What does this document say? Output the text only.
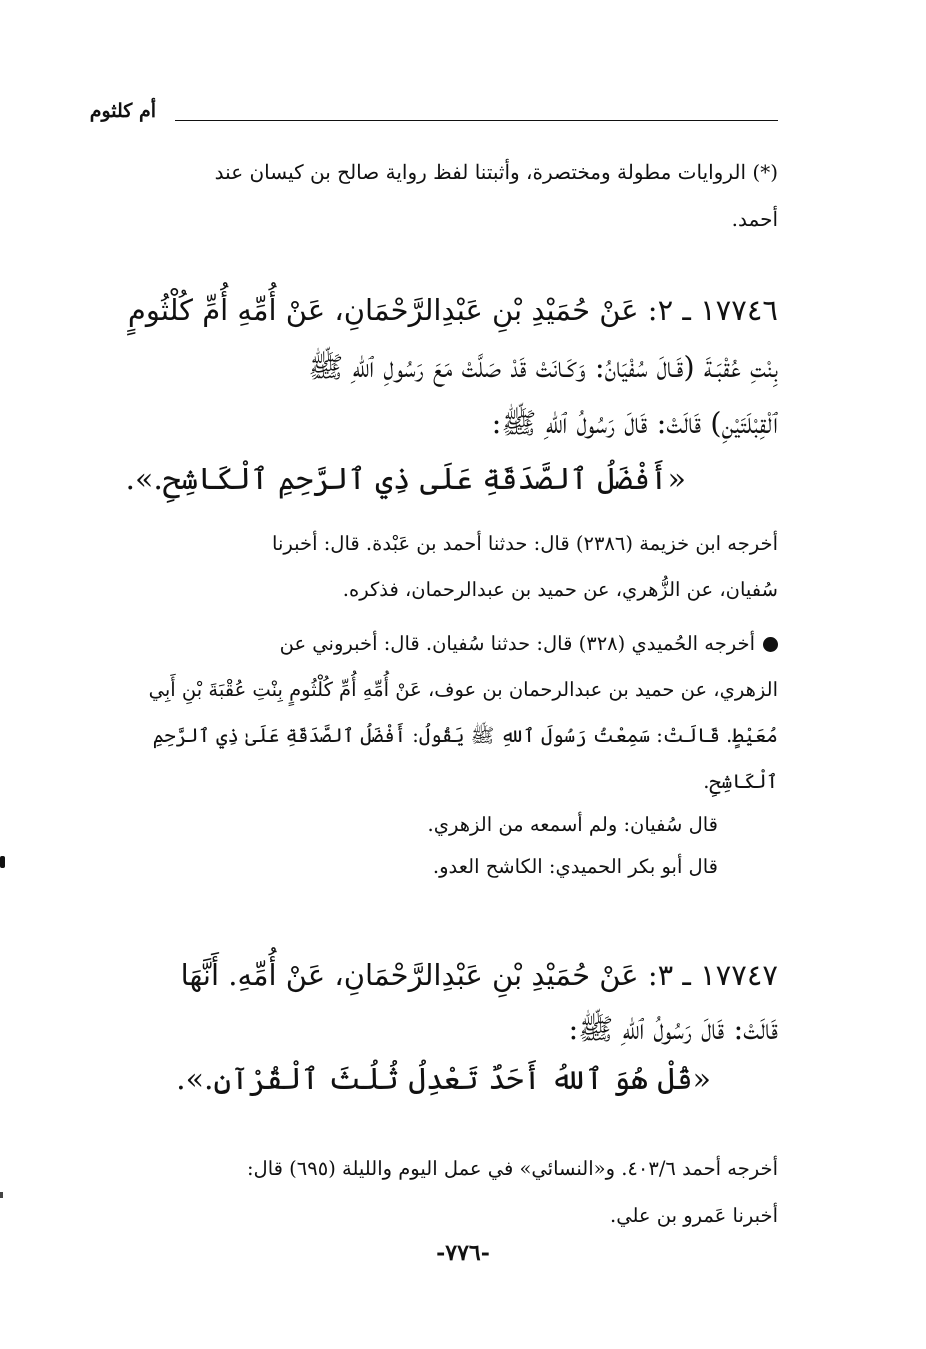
أم كلثوم
(*) الروايات مطولة ومختصرة، وأثبتنا لفظ رواية صالح بن كيسان عند
أحمد.
١٧٧٤٦ ـ ٢: عَنْ حُمَيْدِ بْنِ عَبْدِالرَّحْمَانِ، عَنْ أُمِّهِ أُمِّ كُلْثُومٍ
بِنْتِ عُقْبَـةَ (قَـالَ سُفْيَانُ: وَكَـانَتْ قَدْ صَلَّتْ مَعَ رَسُولِ ٱللهِ ﷺ
ٱلْقِبْلَتَيْنِ) قَالَتْ: قَالَ رَسُولُ ٱللهِ ﷺ:
«أَفْضَلُ ٱلصَّدَقَةِ عَلَى ذِي ٱلرَّحِمِ ٱلْكَاشِحِ.».
أخرجه ابن خزيمة (٢٣٨٦) قال: حدثنا أحمد بن عَبْدة. قال: أخبرنا
سُفيان، عن الزُّهري، عن حميد بن عبدالرحمان، فذكره.
أخرجه الحُميدي (٣٢٨) قال: حدثنا سُفيان. قال: أخبروني عن
الزهري، عن حميد بن عبدالرحمان بن عوف، عَنْ أُمِّهِ أُمِّ كُلْثُومٍ بِنْتِ عُقْبَةَ بْنِ أَبِي
مُعَيْطٍ. قَالَتْ: سَمِعْتُ رَسُولَ ٱللهِ ﷺ يَقُولُ: أَفْضَلُ ٱلصَّدَقَةِ عَلَىٰ ذِي ٱلرَّحِمِ
ٱلْكَاشِحِ.
قال سُفيان: ولم أسمعه من الزهري.
قال أبو بكر الحميدي: الكاشح العدو.
١٧٧٤٧ ـ ٣: عَنْ حُمَيْدِ بْنِ عَبْدِالرَّحْمَانِ، عَنْ أُمِّهِ. أَنَّهَا
قَالَتْ: قَالَ رَسُولُ ٱللهِ ﷺ:
«قُلْ هُوَ ٱللهُ أَحَدٌ تَعْدِلُ ثُلُثَ ٱلْقُرْآنِ.».
أخرجه أحمد ٤٠٣/٦. و«النسائي» في عمل اليوم والليلة (٦٩٥) قال:
أخبرنا عَمرو بن علي.
-٧٧٦-
